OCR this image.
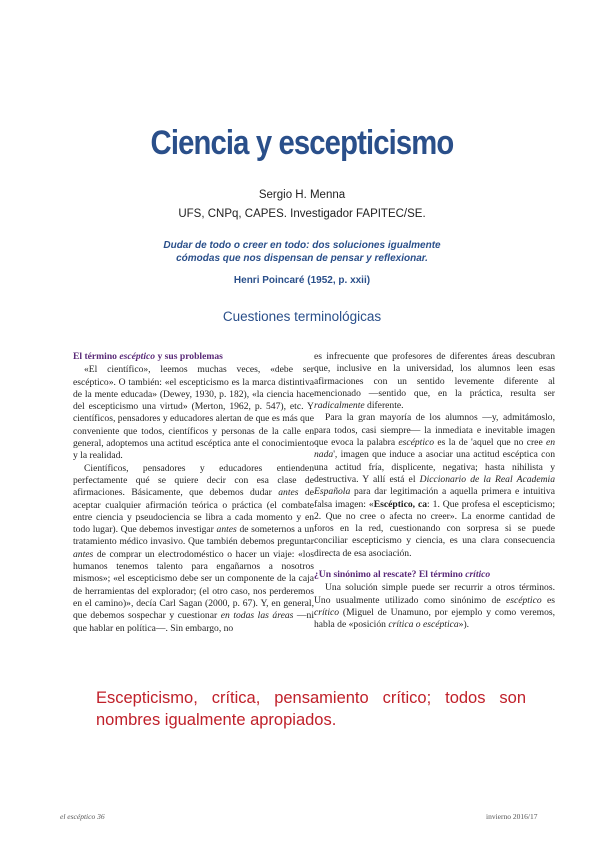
Ciencia y escepticismo
Sergio H. Menna
UFS, CNPq, CAPES. Investigador FAPITEC/SE.
Dudar de todo o creer en todo: dos soluciones igualmente
cómodas que nos dispensan de pensar y reflexionar.
Henri Poincaré (1952, p. xxii)
Cuestiones terminológicas
El término escéptico y sus problemas

«El científico», leemos muchas veces, «debe ser escéptico». O también: «el escepticismo es la marca distintiva de la mente educada» (Dewey, 1930, p. 182), «la ciencia hace del escepticismo una virtud» (Merton, 1962, p. 547), etc. Y científicos, pensadores y educadores alertan de que es más que conveniente que todos, científicos y personas de la calle en general, adoptemos una actitud escéptica ante el conocimiento y la realidad.

Científicos, pensadores y educadores entienden perfectamente qué se quiere decir con esa clase de afirmaciones. Básicamente, que debemos dudar antes de aceptar cualquier afirmación teórica o práctica (el combate entre ciencia y pseudociencia se libra a cada momento y en todo lugar). Que debemos investigar antes de someternos a un tratamiento médico invasivo. Que también debemos preguntar antes de comprar un electrodoméstico o hacer un viaje: «los humanos tenemos talento para engañarnos a nosotros mismos»; «el escepticismo debe ser un componente de la caja de herramientas del explorador; (el otro caso, nos perderemos en el camino)», decía Carl Sagan (2000, p. 67). Y, en general, que debemos sospechar y cuestionar en todas las áreas —ni que hablar en política—. Sin embargo, no

es infrecuente que profesores de diferentes áreas descubran que, inclusive en la universidad, los alumnos leen esas afirmaciones con un sentido levemente diferente al mencionado —sentido que, en la práctica, resulta ser radicalmente diferente.

Para la gran mayoría de los alumnos —y, admitámoslo, para todos, casi siempre— la inmediata e inevitable imagen que evoca la palabra escéptico es la de 'aquel que no cree en nada', imagen que induce a asociar una actitud escéptica con una actitud fría, displicente, negativa; hasta nihilista y destructiva. Y allí está el Diccionario de la Real Academia Española para dar legitimación a aquella primera e intuitiva falsa imagen: «Escéptico, ca: 1. Que profesa el escepticismo; 2. Que no cree o afecta no creer». La enorme cantidad de foros en la red, cuestionando con sorpresa si se puede conciliar escepticismo y ciencia, es una clara consecuencia directa de esa asociación.

¿Un sinónimo al rescate? El término crítico

Una solución simple puede ser recurrir a otros términos. Uno usualmente utilizado como sinónimo de escéptico es crítico (Miguel de Unamuno, por ejemplo y como veremos, habla de «posición crítica o escéptica»).

Escepticismo, crítica, pensamiento crítico; todos son nombres igualmente apropiados.
el escéptico 36	invierno 2016/17
